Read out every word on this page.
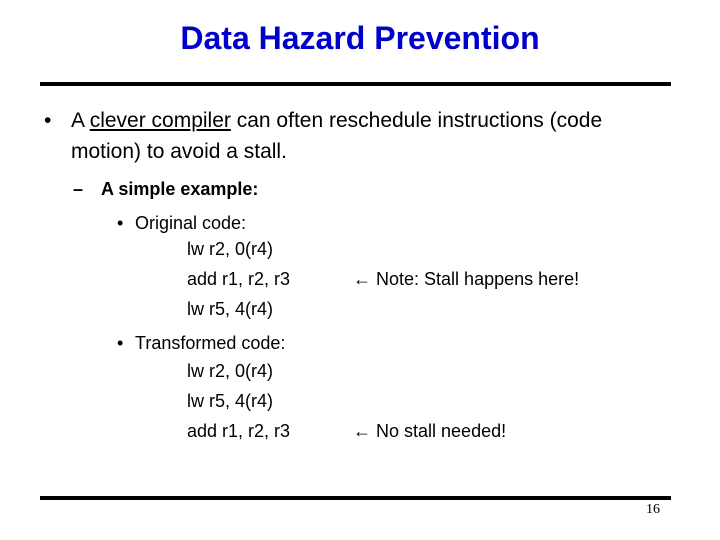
Data Hazard Prevention
• A clever compiler can often reschedule instructions (code motion) to avoid a stall.
– A simple example:
• Original code:
lw r2, 0(r4)
add r1, r2, r3
lw r5, 4(r4)
← Note: Stall happens here!
• Transformed code:
lw r2, 0(r4)
lw r5, 4(r4)
add r1, r2, r3	← No stall needed!
16
